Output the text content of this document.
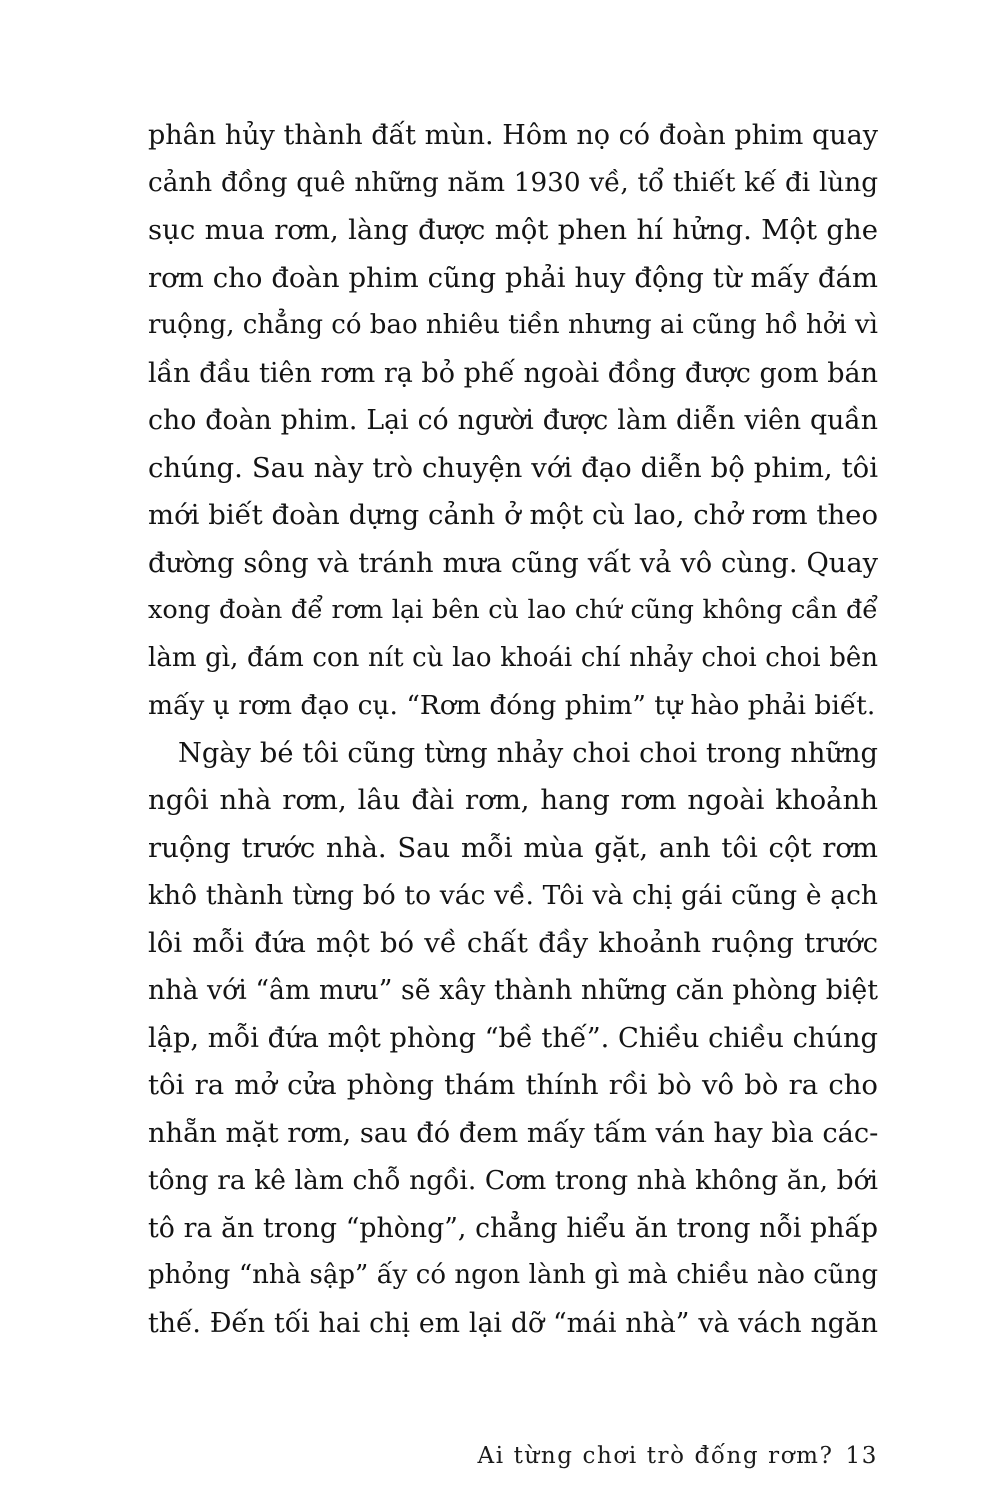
phân hủy thành đất mùn. Hôm nọ có đoàn phim quay
cảnh đồng quê những năm 1930 về, tổ thiết kế đi lùng
sục mua rơm, làng được một phen hí hửng. Một ghe
rơm cho đoàn phim cũng phải huy động từ mấy đám
ruộng, chẳng có bao nhiêu tiền nhưng ai cũng hồ hởi vì
lần đầu tiên rơm rạ bỏ phế ngoài đồng được gom bán
cho đoàn phim. Lại có người được làm diễn viên quần
chúng. Sau này trò chuyện với đạo diễn bộ phim, tôi
mới biết đoàn dựng cảnh ở một cù lao, chở rơm theo
đường sông và tránh mưa cũng vất vả vô cùng. Quay
xong đoàn để rơm lại bên cù lao chứ cũng không cần để
làm gì, đám con nít cù lao khoái chí nhảy choi choi bên
mấy ụ rơm đạo cụ. “Rơm đóng phim” tự hào phải biết.
Ngày bé tôi cũng từng nhảy choi choi trong những
ngôi nhà rơm, lâu đài rơm, hang rơm ngoài khoảnh
ruộng trước nhà. Sau mỗi mùa gặt, anh tôi cột rơm
khô thành từng bó to vác về. Tôi và chị gái cũng è ạch
lôi mỗi đứa một bó về chất đầy khoảnh ruộng trước
nhà với “âm mưu” sẽ xây thành những căn phòng biệt
lập, mỗi đứa một phòng “bề thế”. Chiều chiều chúng
tôi ra mở cửa phòng thám thính rồi bò vô bò ra cho
nhẵn mặt rơm, sau đó đem mấy tấm ván hay bìa các-
tông ra kê làm chỗ ngồi. Cơm trong nhà không ăn, bới
tô ra ăn trong “phòng”, chẳng hiểu ăn trong nỗi phấp
phỏng “nhà sập” ấy có ngon lành gì mà chiều nào cũng
thế. Đến tối hai chị em lại dỡ “mái nhà” và vách ngăn
Ai từng chơi trò đống rơm? 13
